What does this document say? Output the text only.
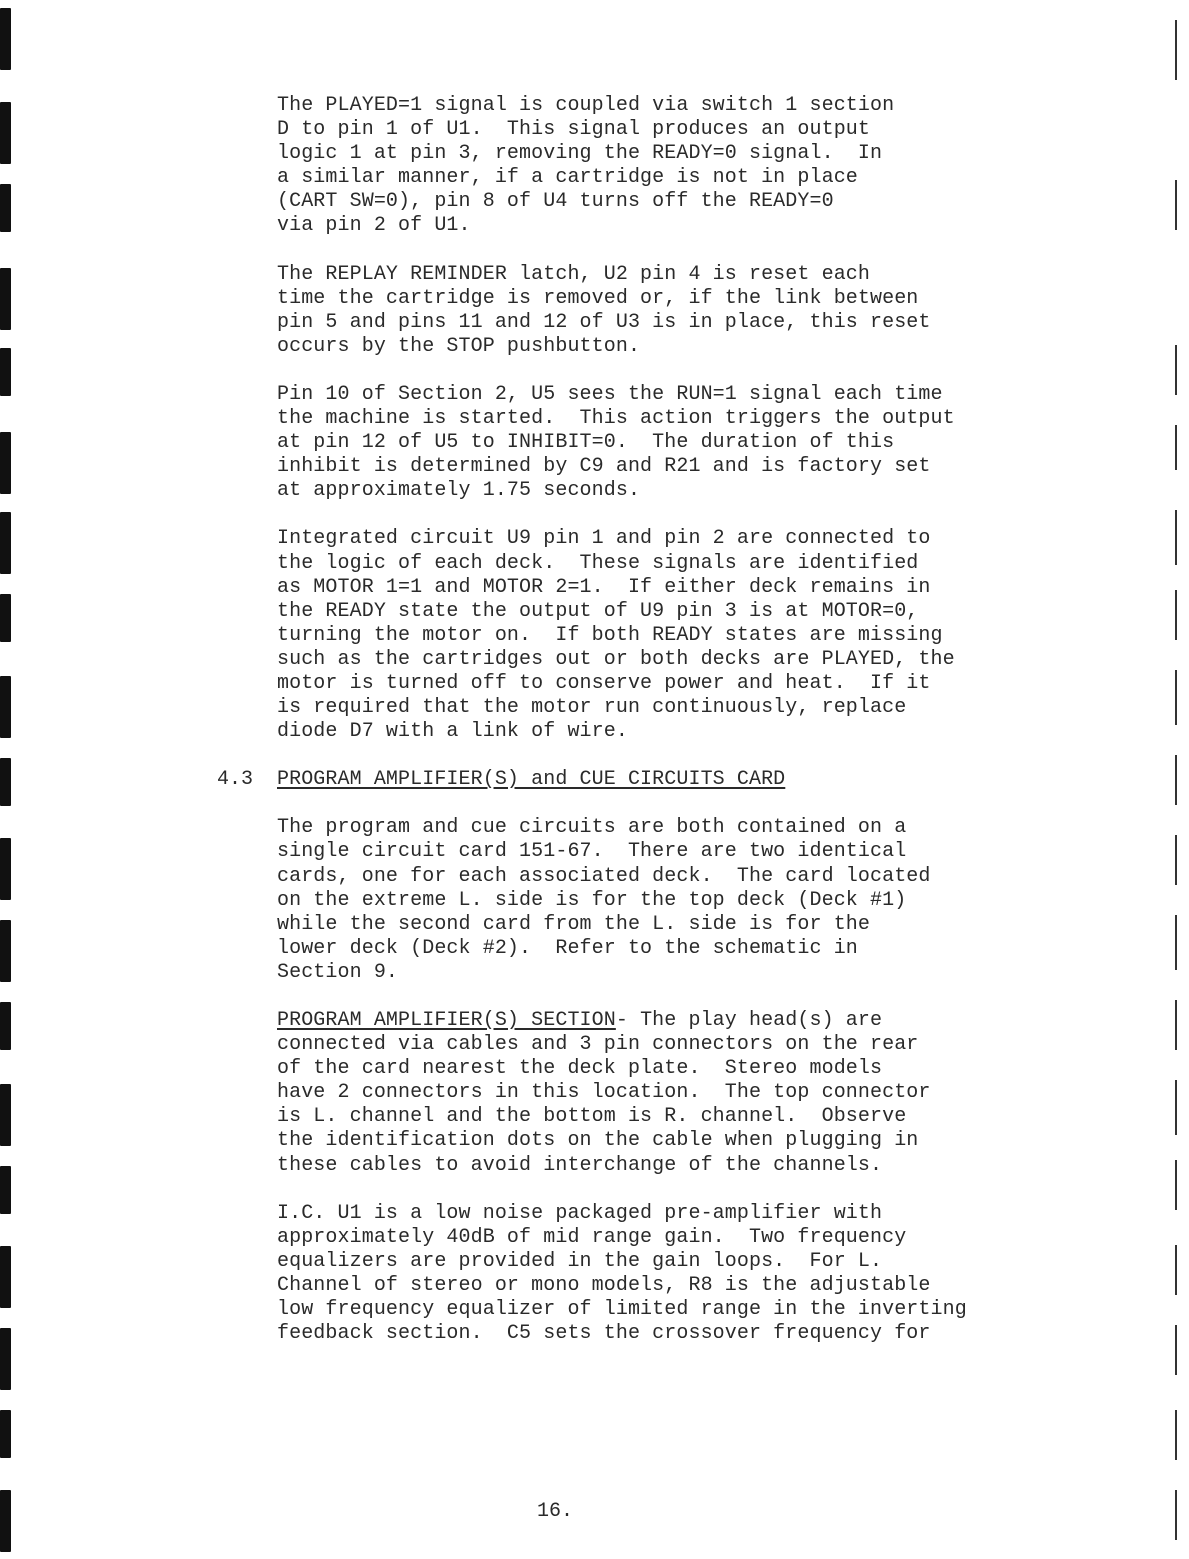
The PLAYED=1 signal is coupled via switch 1 section

D to pin 1 of U1.  This signal produces an output

logic 1 at pin 3, removing the READY=0 signal.  In

a similar manner, if a cartridge is not in place

(CART SW=0), pin 8 of U4 turns off the READY=0

via pin 2 of U1.

The REPLAY REMINDER latch, U2 pin 4 is reset each

time the cartridge is removed or, if the link between

pin 5 and pins 11 and 12 of U3 is in place, this reset

occurs by the STOP pushbutton.

Pin 10 of Section 2, U5 sees the RUN=1 signal each time

the machine is started.  This action triggers the output

at pin 12 of U5 to INHIBIT=0.  The duration of this

inhibit is determined by C9 and R21 and is factory set

at approximately 1.75 seconds.

Integrated circuit U9 pin 1 and pin 2 are connected to

the logic of each deck.  These signals are identified

as MOTOR 1=1 and MOTOR 2=1.  If either deck remains in

the READY state the output of U9 pin 3 is at MOTOR=0,

turning the motor on.  If both READY states are missing

such as the cartridges out or both decks are PLAYED, the

motor is turned off to conserve power and heat.  If it

is required that the motor run continuously, replace

diode D7 with a link of wire.

4.3 PROGRAM AMPLIFIER(S) and CUE CIRCUITS CARD

The program and cue circuits are both contained on a

single circuit card 151-67.  There are two identical

cards, one for each associated deck.  The card located

on the extreme L. side is for the top deck (Deck #1)

while the second card from the L. side is for the

lower deck (Deck #2).  Refer to the schematic in

Section 9.

PROGRAM AMPLIFIER(S) SECTION- The play head(s) are

connected via cables and 3 pin connectors on the rear

of the card nearest the deck plate.  Stereo models

have 2 connectors in this location.  The top connector

is L. channel and the bottom is R. channel.  Observe

the identification dots on the cable when plugging in

these cables to avoid interchange of the channels.

I.C. U1 is a low noise packaged pre-amplifier with

approximately 40dB of mid range gain.  Two frequency

equalizers are provided in the gain loops.  For L.

Channel of stereo or mono models, R8 is the adjustable

low frequency equalizer of limited range in the inverting

feedback section.  C5 sets the crossover frequency for

16.
